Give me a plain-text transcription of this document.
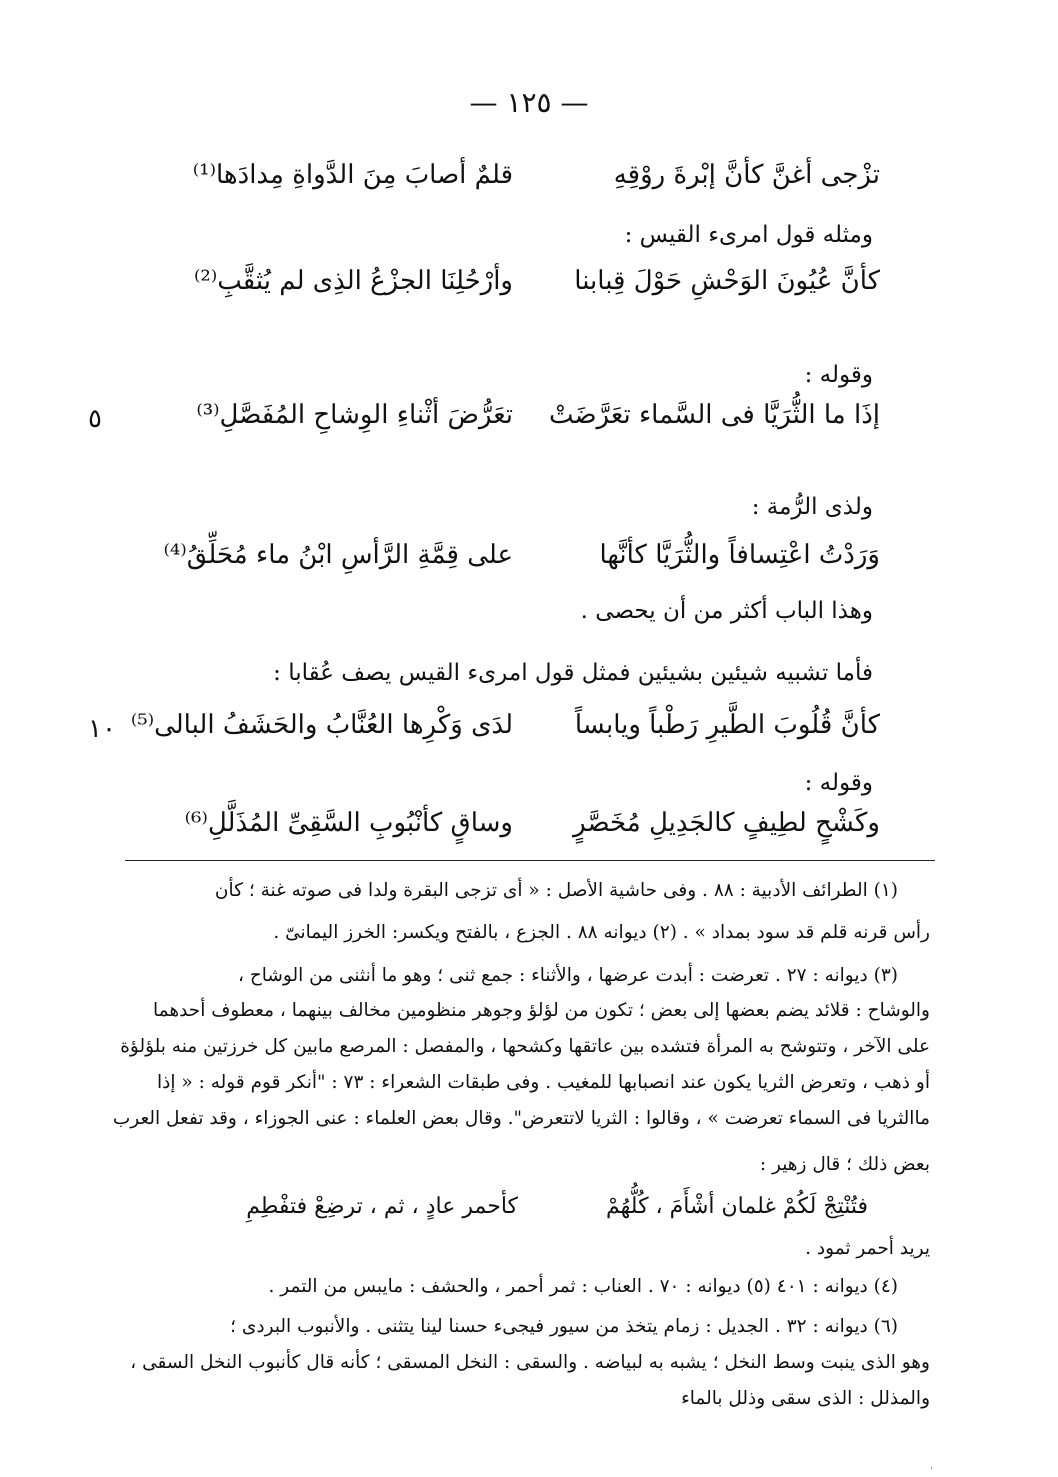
— ١٢٥ —
تزْجى أغنَّ كأنَّ إبْرةَ روْقِهِ
قلمٌ أصابَ مِنَ الدَّواةِ مِدادَها⁽¹⁾
ومثله قول امرىء القيس :
كأنَّ عُيُونَ الوَحْشِ حَوْلَ قِبابنا
وأرْحُلِنَا الجزْعُ الذِى لم يُثقَّبِ⁽²⁾
وقوله :
إذَا ما الثُّرَيَّا فى السَّماء تعَرَّضَتْ
تعَرُّضَ أثْناءِ الوِشاحِ المُفَصَّلِ⁽³⁾
٥
ولذى الرُّمة :
وَرَدْتُ اعْتِسافاً والثُّرَيَّا كأنَّها
على قِمَّةِ الرَّأسِ ابْنُ ماء مُحَلِّقُ⁽⁴⁾
وهذا الباب أكثر من أن يحصى .
فأما تشبيه شيئين بشيئين فمثل قول امرىء القيس يصف عُقابا :
كأنَّ قُلُوبَ الطَّيرِ رَطْباً ويابساً
لدَى وَكْرِها العُنَّابُ والحَشَفُ البالى⁽⁵⁾
١٠
وقوله :
وكَشْحٍ لطِيفٍ كالجَدِيلِ مُخَصَّرٍ
وساقٍ كأنْبُوبِ السَّقِىِّ المُذَلَّلِ⁽⁶⁾
(١) الطرائف الأدبية : ٨٨ . وفى حاشية الأصل : « أى تزجى البقرة ولدا فى صوته غنة ؛ كأن
رأس قرنه قلم قد سود بمداد » . (٢) ديوانه ٨٨ . الجزع ، بالفتح ويكسر: الخرز اليمانىّ .
(٣) ديوانه : ٢٧ . تعرضت : أبدت عرضها ، والأثناء : جمع ثنى ؛ وهو ما أنثنى من الوشاح ،
والوشاح : قلائد يضم بعضها إلى بعض ؛ تكون من لؤلؤ وجوهر منظومين مخالف بينهما ، معطوف أحدهما
على الآخر ، وتتوشح به المرأة فتشده بين عاتقها وكشحها ، والمفصل : المرصع مابين كل خرزتين منه بلؤلؤة
أو ذهب ، وتعرض الثريا يكون عند انصبابها للمغيب . وفى طبقات الشعراء : ٧٣ : "أنكر قوم قوله : « إذا
ماالثريا فى السماء تعرضت » ، وقالوا : الثريا لاتتعرض". وقال بعض العلماء : عنى الجوزاء ، وقد تفعل العرب
بعض ذلك ؛ قال زهير :
فتُنْتِجْ لَكُمْ غلمان أشْأَمَ ، كُلُّهُمْ
كأحمر عادٍ ، ثم ، ترضِعْ فتفْطِمِ
يريد أحمر ثمود .
(٤) ديوانه : ٤٠١ (٥) ديوانه : ٧٠ . العناب : ثمر أحمر ، والحشف : مايبس من التمر .
(٦) ديوانه : ٣٢ . الجديل : زمام يتخذ من سيور فيجىء حسنا لينا يتثنى . والأنبوب البردى ؛
وهو الذى ينبت وسط النخل ؛ يشبه به لبياضه . والسقى : النخل المسقى ؛ كأنه قال كأنبوب النخل السقى ،
والمذلل : الذى سقى وذلل بالماء
'
